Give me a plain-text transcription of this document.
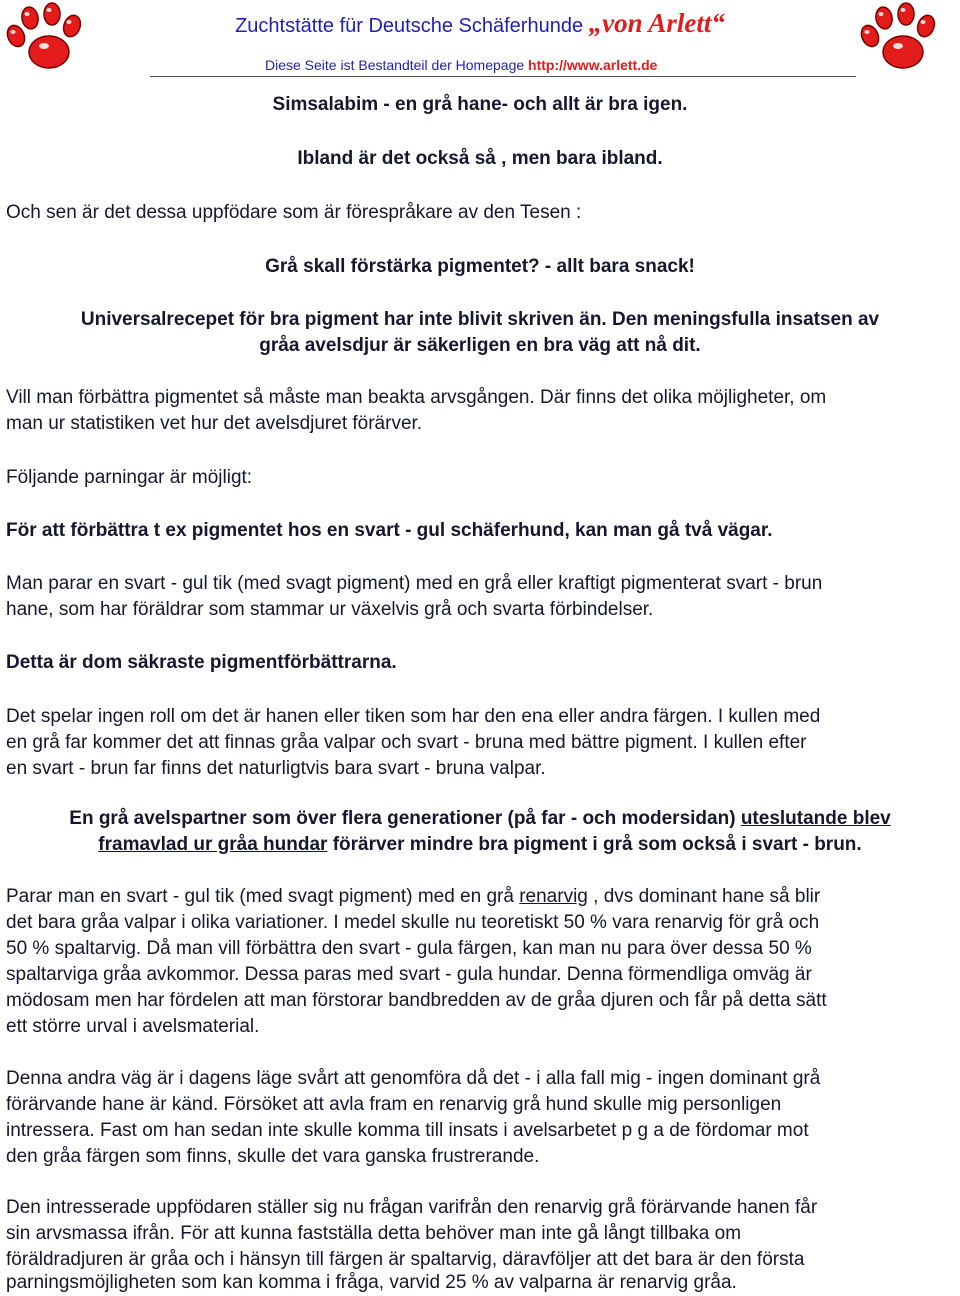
Zuchtstätte für Deutsche Schäferhunde „von Arlett“
Diese Seite ist Bestandteil der Homepage http://www.arlett.de
Simsalabim - en grå hane- och allt är bra igen.
Ibland är det också så , men bara ibland.
Och sen är det dessa uppfödare som är förespråkare av den Tesen :
Grå skall förstärka pigmentet? - allt bara snack!
Universalrecepet för bra pigment har inte blivit skriven än. Den meningsfulla insatsen av
gråa avelsdjur är säkerligen en bra väg att nå dit.
Vill man förbättra pigmentet så måste man beakta arvsgången. Där finns det olika möjligheter, om
man ur statistiken vet hur det avelsdjuret förärver.
Följande parningar är möjligt:
För att förbättra t ex pigmentet hos en svart - gul schäferhund, kan man gå två vägar.
Man parar en svart - gul tik (med svagt pigment) med en grå eller kraftigt pigmenterat svart - brun
hane, som har föräldrar som stammar ur växelvis grå och svarta förbindelser.
Detta är dom säkraste pigmentförbättrarna.
Det spelar ingen roll om det är hanen eller tiken som har den ena eller andra färgen. I kullen med
en grå far kommer det att finnas gråa valpar och svart - bruna med bättre pigment. I kullen efter
en svart - brun far finns det naturligtvis bara svart - bruna valpar.
En grå avelspartner som över flera generationer (på far - och modersidan) uteslutande blev
framavlad ur gråa hundar förärver mindre bra pigment i grå som också i svart - brun.
Parar man en svart - gul tik (med svagt pigment) med en grå renarvig , dvs dominant hane så blir
det bara gråa valpar i olika variationer. I medel skulle nu teoretiskt 50 % vara renarvig för grå och
50 % spaltarvig. Då man vill förbättra den svart - gula färgen, kan man nu para över dessa 50 %
spaltarviga gråa avkommor. Dessa paras med svart - gula hundar. Denna förmendliga omväg är
mödosam men har fördelen att man förstorar bandbredden av de gråa djuren och får på detta sätt
ett större urval i avelsmaterial.
Denna andra väg är i dagens läge svårt att genomföra då det - i alla fall mig - ingen dominant grå
förärvande hane är känd. Försöket att avla fram en renarvig grå hund skulle mig personligen
intressera. Fast om han sedan inte skulle komma till insats i avelsarbetet p g a de fördomar mot
den gråa färgen som finns, skulle det vara ganska frustrerande.
Den intresserade uppfödaren ställer sig nu frågan varifrån den renarvig grå förärvande hanen får
sin arvsmassa ifrån. För att kunna fastställa detta behöver man inte gå långt tillbaka om
föräldradjuren är gråa och i hänsyn till färgen är spaltarvig, däravföljer att det bara är den första
parningsmöjligheten som kan komma i fråga, varvid 25 % av valparna är renarvig gråa.
